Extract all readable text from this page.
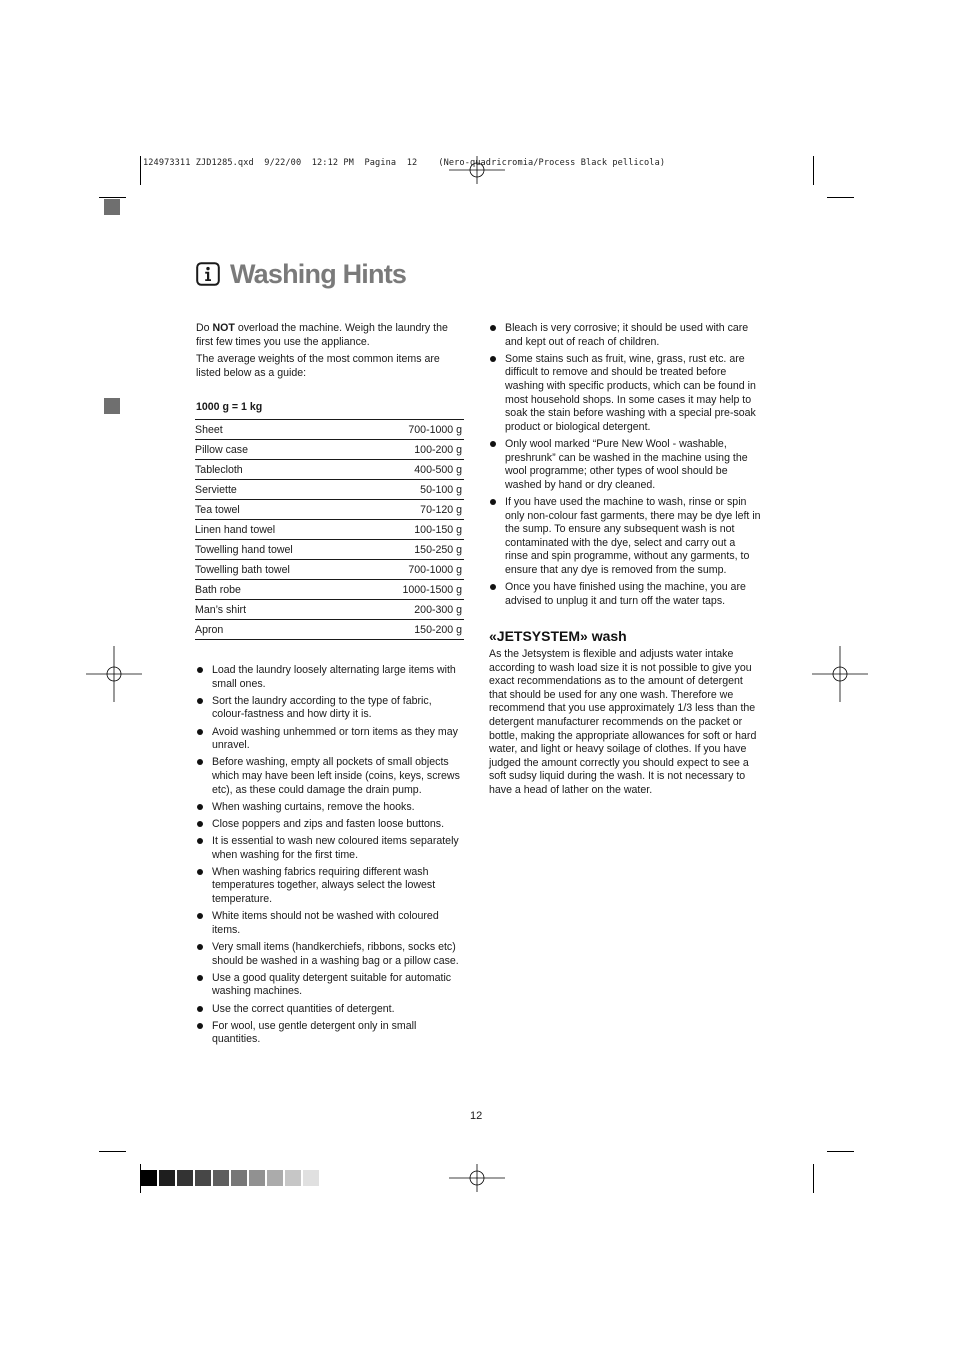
124973311 ZJD1285.qxd  9/22/00  12:12 PM  Pagina  12    (Nero-quadricromia/Process Black pellicola)
Washing Hints
Do NOT overload the machine. Weigh the laundry the first few times you use the appliance.
The average weights of the most common items are listed below as a guide:
1000 g = 1 kg
Sheet	700-1000 g
Pillow case	100-200 g
Tablecloth	400-500 g
Serviette	50-100 g
Tea towel	70-120 g
Linen hand towel	100-150 g
Towelling hand towel	150-250 g
Towelling bath towel	700-1000 g
Bath robe	1000-1500 g
Man’s shirt	200-300 g
Apron	150-200 g
Load the laundry loosely alternating large items with small ones.
Sort the laundry according to the type of fabric, colour-fastness and how dirty it is.
Avoid washing unhemmed or torn items as they may unravel.
Before washing, empty all pockets of small objects which may have been left inside (coins, keys, screws etc), as these could damage the drain pump.
When washing curtains, remove the hooks.
Close poppers and zips and fasten loose buttons.
It is essential to wash new coloured items separately when washing for the first time.
When washing fabrics requiring different wash temperatures together, always select the lowest temperature.
White items should not be washed with coloured items.
Very small items (handkerchiefs, ribbons, socks etc) should be washed in a washing bag or a pillow case.
Use a good quality detergent suitable for automatic washing machines.
Use the correct quantities of detergent.
For wool, use gentle detergent only in small quantities.
Bleach is very corrosive; it should be used with care and kept out of reach of children.
Some stains such as fruit, wine, grass, rust etc. are difficult to remove and should be treated before washing with specific products, which can be found in most household shops. In some cases it may help to soak the stain before washing with a special pre-soak product or biological detergent.
Only wool marked “Pure New Wool - washable, preshrunk” can be washed in the machine using the wool programme; other types of wool should be washed by hand or dry cleaned.
If you have used the machine to wash, rinse or spin only non-colour fast garments, there may be dye left in the sump. To ensure any subsequent wash is not contaminated with the dye, select and carry out a rinse and spin programme, without any garments, to ensure that any dye is removed from the sump.
Once you have finished using the machine, you are advised to unplug it and turn off the water taps.
«JETSYSTEM» wash
As the Jetsystem is flexible and adjusts water intake according to wash load size it is not possible to give you exact recommendations as to the amount of detergent that should be used for any one wash. Therefore we recommend that you use approximately 1/3 less than the detergent manufacturer recommends on the packet or bottle, making the appropriate allowances for soft or hard water, and light or heavy soilage of clothes. If you have judged the amount correctly you should expect to see a soft sudsy liquid during the wash. It is not necessary to have a head of lather on the water.
12
